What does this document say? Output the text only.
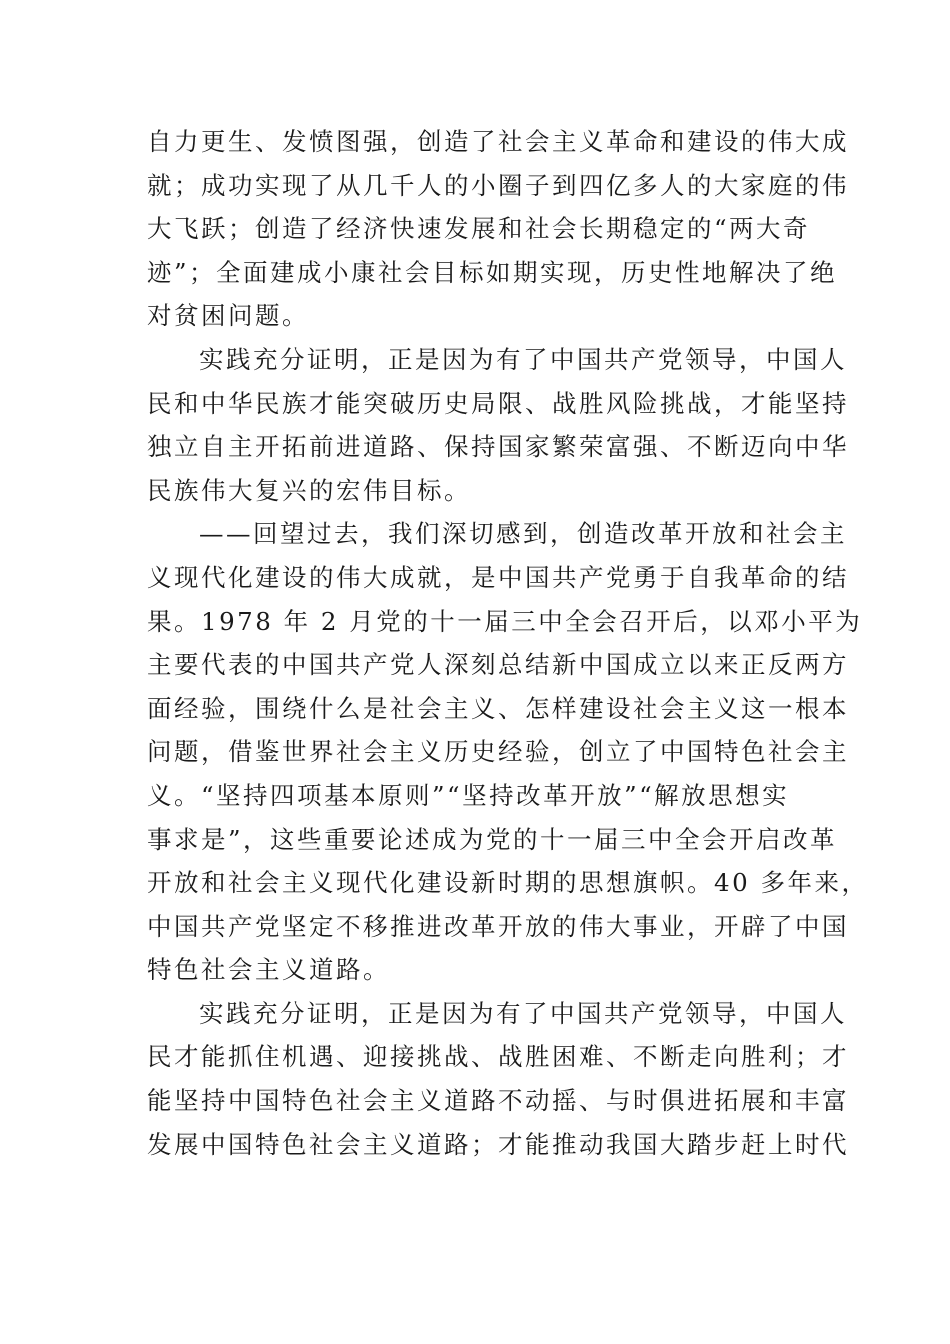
自力更生、发愤图强，创造了社会主义革命和建设的伟大成
就；成功实现了从几千人的小圈子到四亿多人的大家庭的伟
大飞跃；创造了经济快速发展和社会长期稳定的“两大奇
迹”；全面建成小康社会目标如期实现，历史性地解决了绝
对贫困问题。
实践充分证明，正是因为有了中国共产党领导，中国人
民和中华民族才能突破历史局限、战胜风险挑战，才能坚持
独立自主开拓前进道路、保持国家繁荣富强、不断迈向中华
民族伟大复兴的宏伟目标。
——回望过去，我们深切感到，创造改革开放和社会主
义现代化建设的伟大成就，是中国共产党勇于自我革命的结
果。1978 年 2 月党的十一届三中全会召开后，以邓小平为
主要代表的中国共产党人深刻总结新中国成立以来正反两方
面经验，围绕什么是社会主义、怎样建设社会主义这一根本
问题，借鉴世界社会主义历史经验，创立了中国特色社会主
义。“坚持四项基本原则”“坚持改革开放”“解放思想实
事求是”，这些重要论述成为党的十一届三中全会开启改革
开放和社会主义现代化建设新时期的思想旗帜。40 多年来，
中国共产党坚定不移推进改革开放的伟大事业，开辟了中国
特色社会主义道路。
实践充分证明，正是因为有了中国共产党领导，中国人
民才能抓住机遇、迎接挑战、战胜困难、不断走向胜利；才
能坚持中国特色社会主义道路不动摇、与时俱进拓展和丰富
发展中国特色社会主义道路；才能推动我国大踏步赶上时代
